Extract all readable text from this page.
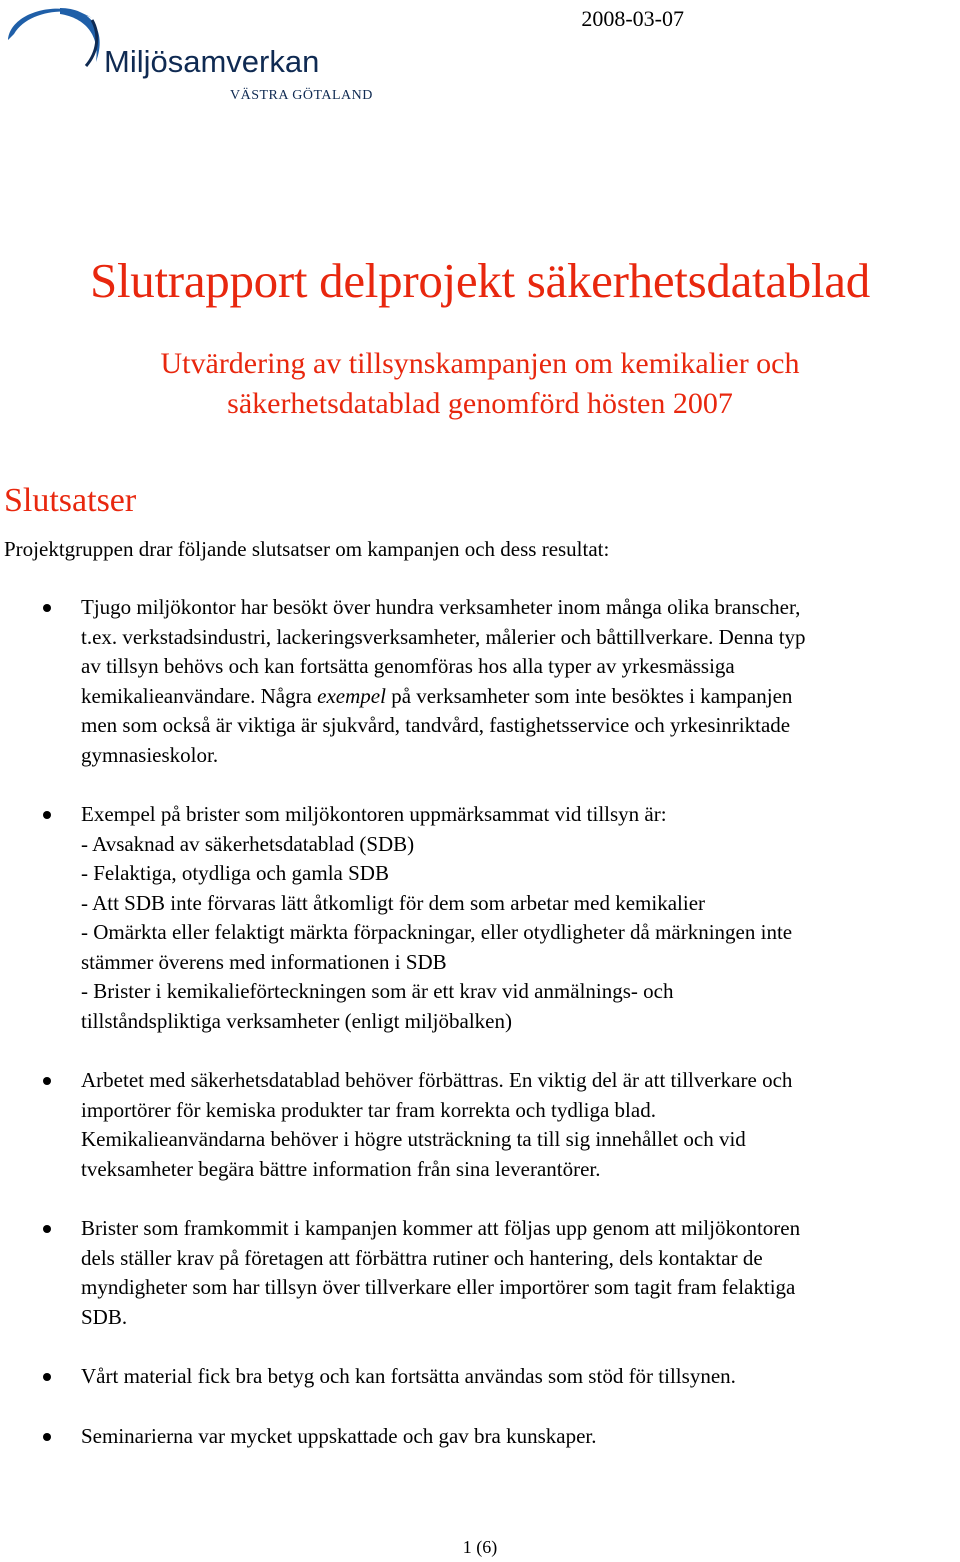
Miljösamverkan
VÄSTRA GÖTALAND
2008-03-07
Slutrapport delprojekt säkerhetsdatablad
Utvärdering av tillsynskampanjen om kemikalier och
säkerhetsdatablad genomförd hösten 2007
Slutsatser
Projektgruppen drar följande slutsatser om kampanjen och dess resultat:

Tjugo miljökontor har besökt över hundra verksamheter inom många olika branscher,
t.ex. verkstadsindustri, lackeringsverksamheter, målerier och båttillverkare. Denna typ
av tillsyn behövs och kan fortsätta genomföras hos alla typer av yrkesmässiga
kemikalieanvändare. Några exempel på verksamheter som inte besöktes i kampanjen
men som också är viktiga är sjukvård, tandvård, fastighetsservice och yrkesinriktade
gymnasieskolor.

Exempel på brister som miljökontoren uppmärksammat vid tillsyn är:
- Avsaknad av säkerhetsdatablad (SDB)
- Felaktiga, otydliga och gamla SDB
- Att SDB inte förvaras lätt åtkomligt för dem som arbetar med kemikalier
- Omärkta eller felaktigt märkta förpackningar, eller otydligheter då märkningen inte
stämmer överens med informationen i SDB
- Brister i kemikalieförteckningen som är ett krav vid anmälnings- och
tillståndspliktiga verksamheter (enligt miljöbalken)

Arbetet med säkerhetsdatablad behöver förbättras. En viktig del är att tillverkare och
importörer för kemiska produkter tar fram korrekta och tydliga blad.
Kemikalieanvändarna behöver i högre utsträckning ta till sig innehållet och vid
tveksamheter begära bättre information från sina leverantörer.

Brister som framkommit i kampanjen kommer att följas upp genom att miljökontoren
dels ställer krav på företagen att förbättra rutiner och hantering, dels kontaktar de
myndigheter som har tillsyn över tillverkare eller importörer som tagit fram felaktiga
SDB.

Vårt material fick bra betyg och kan fortsätta användas som stöd för tillsynen.

Seminarierna var mycket uppskattade och gav bra kunskaper.

1 (6)
